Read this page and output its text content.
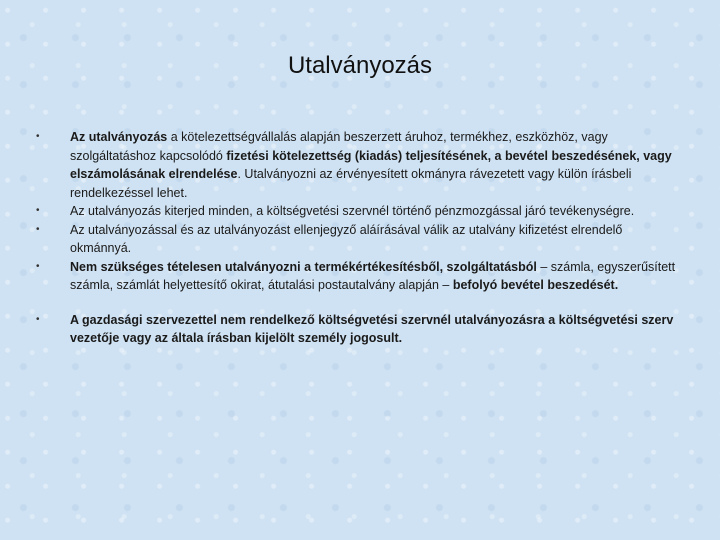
Utalványozás
• Az utalványozás a kötelezettségvállalás alapján beszerzett áruhoz, termékhez, eszközhöz, vagy szolgáltatáshoz kapcsolódó fizetési kötelezettség (kiadás) teljesítésének, a bevétel beszedésének, vagy elszámolásának elrendelése. Utalványozni az érvényesített okmányra rávezetett vagy külön írásbeli rendelkezéssel lehet.
• Az utalványozás kiterjed minden, a költségvetési szervnél történő pénzmozgással járó tevékenységre.
• Az utalványozással és az utalványozást ellenjegyző aláírásával válik az utalvány kifizetést elrendelő okmánnyá.
• Nem szükséges tételesen utalványozni a termékértékesítésből, szolgáltatásból – számla, egyszerűsített számla, számlát helyettesítő okirat, átutalási postautalvány alapján – befolyó bevétel beszedését.
• A gazdasági szervezettel nem rendelkező költségvetési szervnél utalványozásra a költségvetési szerv vezetője vagy az általa írásban kijelölt személy jogosult.
